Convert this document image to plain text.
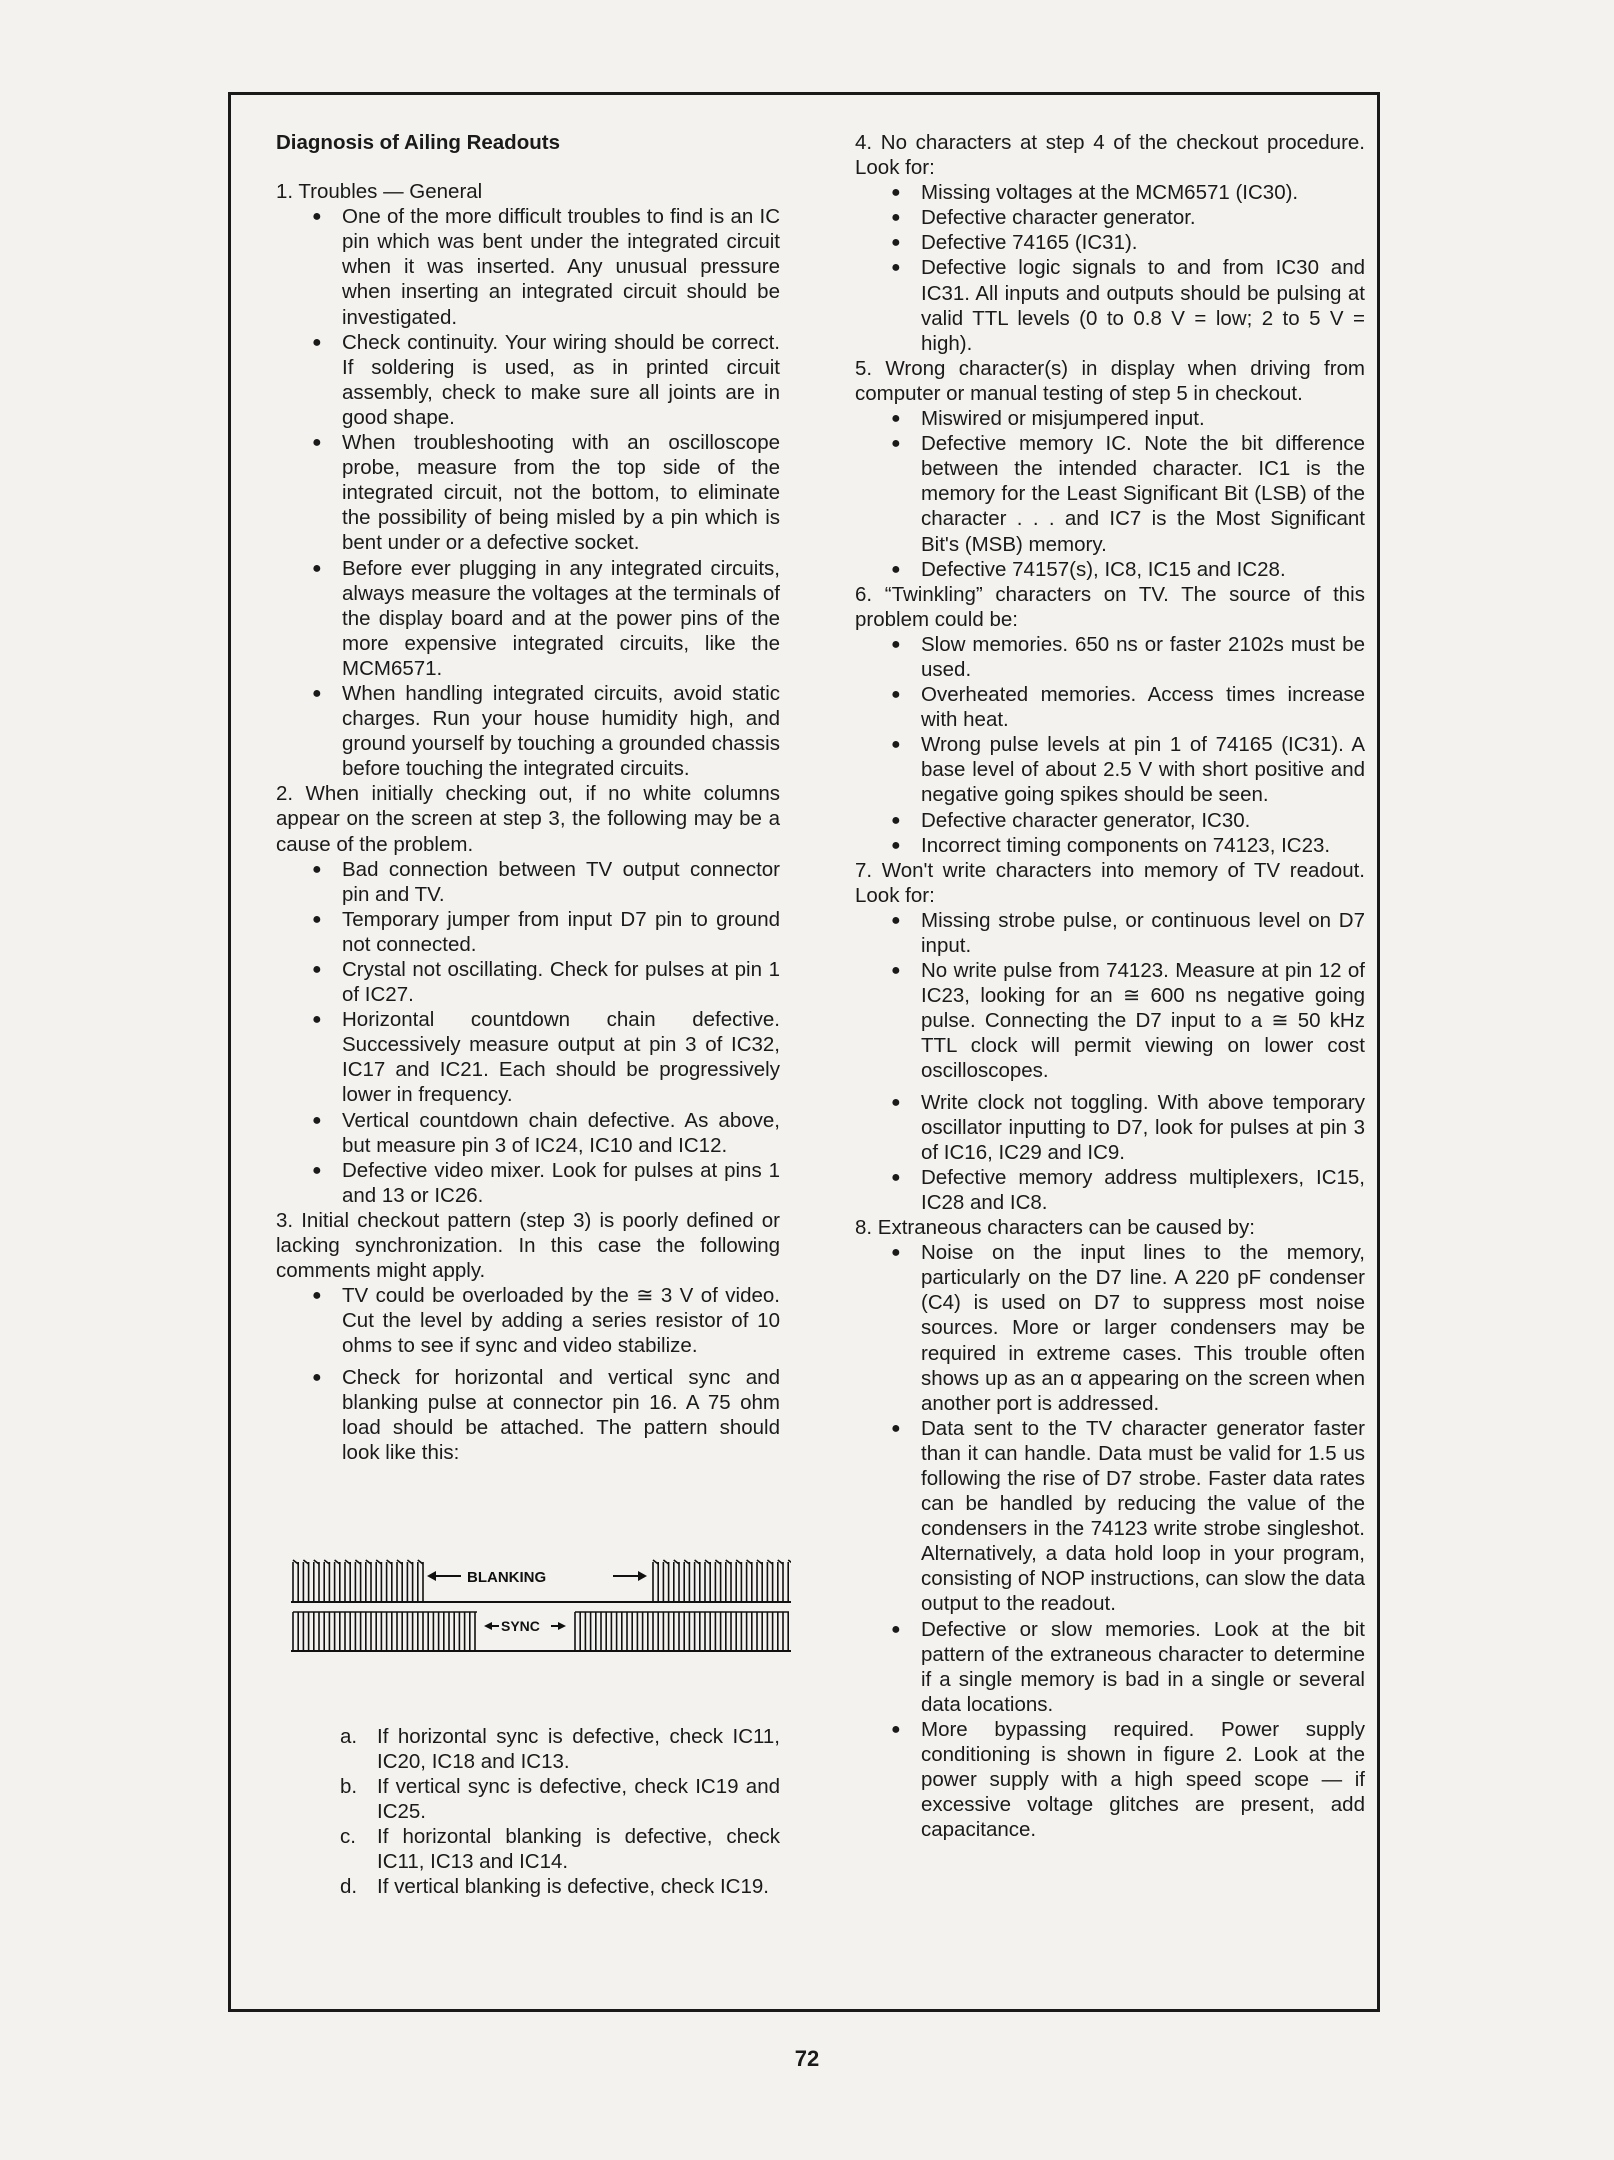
Diagnosis of Ailing Readouts

1. Troubles — General

● One of the more difficult troubles to find is an IC pin which was bent under the integrated circuit when it was inserted. Any unusual pressure when inserting an integrated circuit should be investigated.
● Check continuity. Your wiring should be correct. If soldering is used, as in printed circuit assembly, check to make sure all joints are in good shape.
● When troubleshooting with an oscilloscope probe, measure from the top side of the integrated circuit, not the bottom, to eliminate the possibility of being misled by a pin which is bent under or a defective socket.
● Before ever plugging in any integrated circuits, always measure the voltages at the terminals of the display board and at the power pins of the more expensive integrated circuits, like the MCM6571.
● When handling integrated circuits, avoid static charges. Run your house humidity high, and ground yourself by touching a grounded chassis before touching the integrated circuits.

2. When initially checking out, if no white columns appear on the screen at step 3, the following may be a cause of the problem.

● Bad connection between TV output connector pin and TV.
● Temporary jumper from input D7 pin to ground not connected.
● Crystal not oscillating. Check for pulses at pin 1 of IC27.
● Horizontal countdown chain defective. Successively measure output at pin 3 of IC32, IC17 and IC21. Each should be progressively lower in frequency.
● Vertical countdown chain defective. As above, but measure pin 3 of IC24, IC10 and IC12.
● Defective video mixer. Look for pulses at pins 1 and 13 or IC26.

3. Initial checkout pattern (step 3) is poorly defined or lacking synchronization. In this case the following comments might apply.

● TV could be overloaded by the ≅ 3 V of video. Cut the level by adding a series resistor of 10 ohms to see if sync and video stabilize.
● Check for horizontal and vertical sync and blanking pulse at connector pin 16. A 75 ohm load should be attached. The pattern should look like this:
BLANKING
SYNC
a. If horizontal sync is defective, check IC11, IC20, IC18 and IC13.
b. If vertical sync is defective, check IC19 and IC25.
c. If horizontal blanking is defective, check IC11, IC13 and IC14.
d. If vertical blanking is defective, check IC19.

4. No characters at step 4 of the checkout procedure. Look for:

● Missing voltages at the MCM6571 (IC30).
● Defective character generator.
● Defective 74165 (IC31).
● Defective logic signals to and from IC30 and IC31. All inputs and outputs should be pulsing at valid TTL levels (0 to 0.8 V = low; 2 to 5 V = high).

5. Wrong character(s) in display when driving from computer or manual testing of step 5 in checkout.

● Miswired or misjumpered input.
● Defective memory IC. Note the bit difference between the intended character. IC1 is the memory for the Least Significant Bit (LSB) of the character . . . and IC7 is the Most Significant Bit's (MSB) memory.
● Defective 74157(s), IC8, IC15 and IC28.

6. “Twinkling” characters on TV. The source of this problem could be:

● Slow memories. 650 ns or faster 2102s must be used.
● Overheated memories. Access times increase with heat.
● Wrong pulse levels at pin 1 of 74165 (IC31). A base level of about 2.5 V with short positive and negative going spikes should be seen.
● Defective character generator, IC30.
● Incorrect timing components on 74123, IC23.

7. Won't write characters into memory of TV readout. Look for:

● Missing strobe pulse, or continuous level on D7 input.
● No write pulse from 74123. Measure at pin 12 of IC23, looking for an ≅ 600 ns negative going pulse. Connecting the D7 input to a ≅ 50 kHz TTL clock will permit viewing on lower cost oscilloscopes.
● Write clock not toggling. With above temporary oscillator inputting to D7, look for pulses at pin 3 of IC16, IC29 and IC9.
● Defective memory address multiplexers, IC15, IC28 and IC8.

8. Extraneous characters can be caused by:

● Noise on the input lines to the memory, particularly on the D7 line. A 220 pF condenser (C4) is used on D7 to suppress most noise sources. More or larger condensers may be required in extreme cases. This trouble often shows up as an α appearing on the screen when another port is addressed.
● Data sent to the TV character generator faster than it can handle. Data must be valid for 1.5 us following the rise of D7 strobe. Faster data rates can be handled by reducing the value of the condensers in the 74123 write strobe singleshot. Alternatively, a data hold loop in your program, consisting of NOP instructions, can slow the data output to the readout.
● Defective or slow memories. Look at the bit pattern of the extraneous character to determine if a single memory is bad in a single or several data locations.
● More bypassing required. Power supply conditioning is shown in figure 2. Look at the power supply with a high speed scope — if excessive voltage glitches are present, add capacitance.
72
